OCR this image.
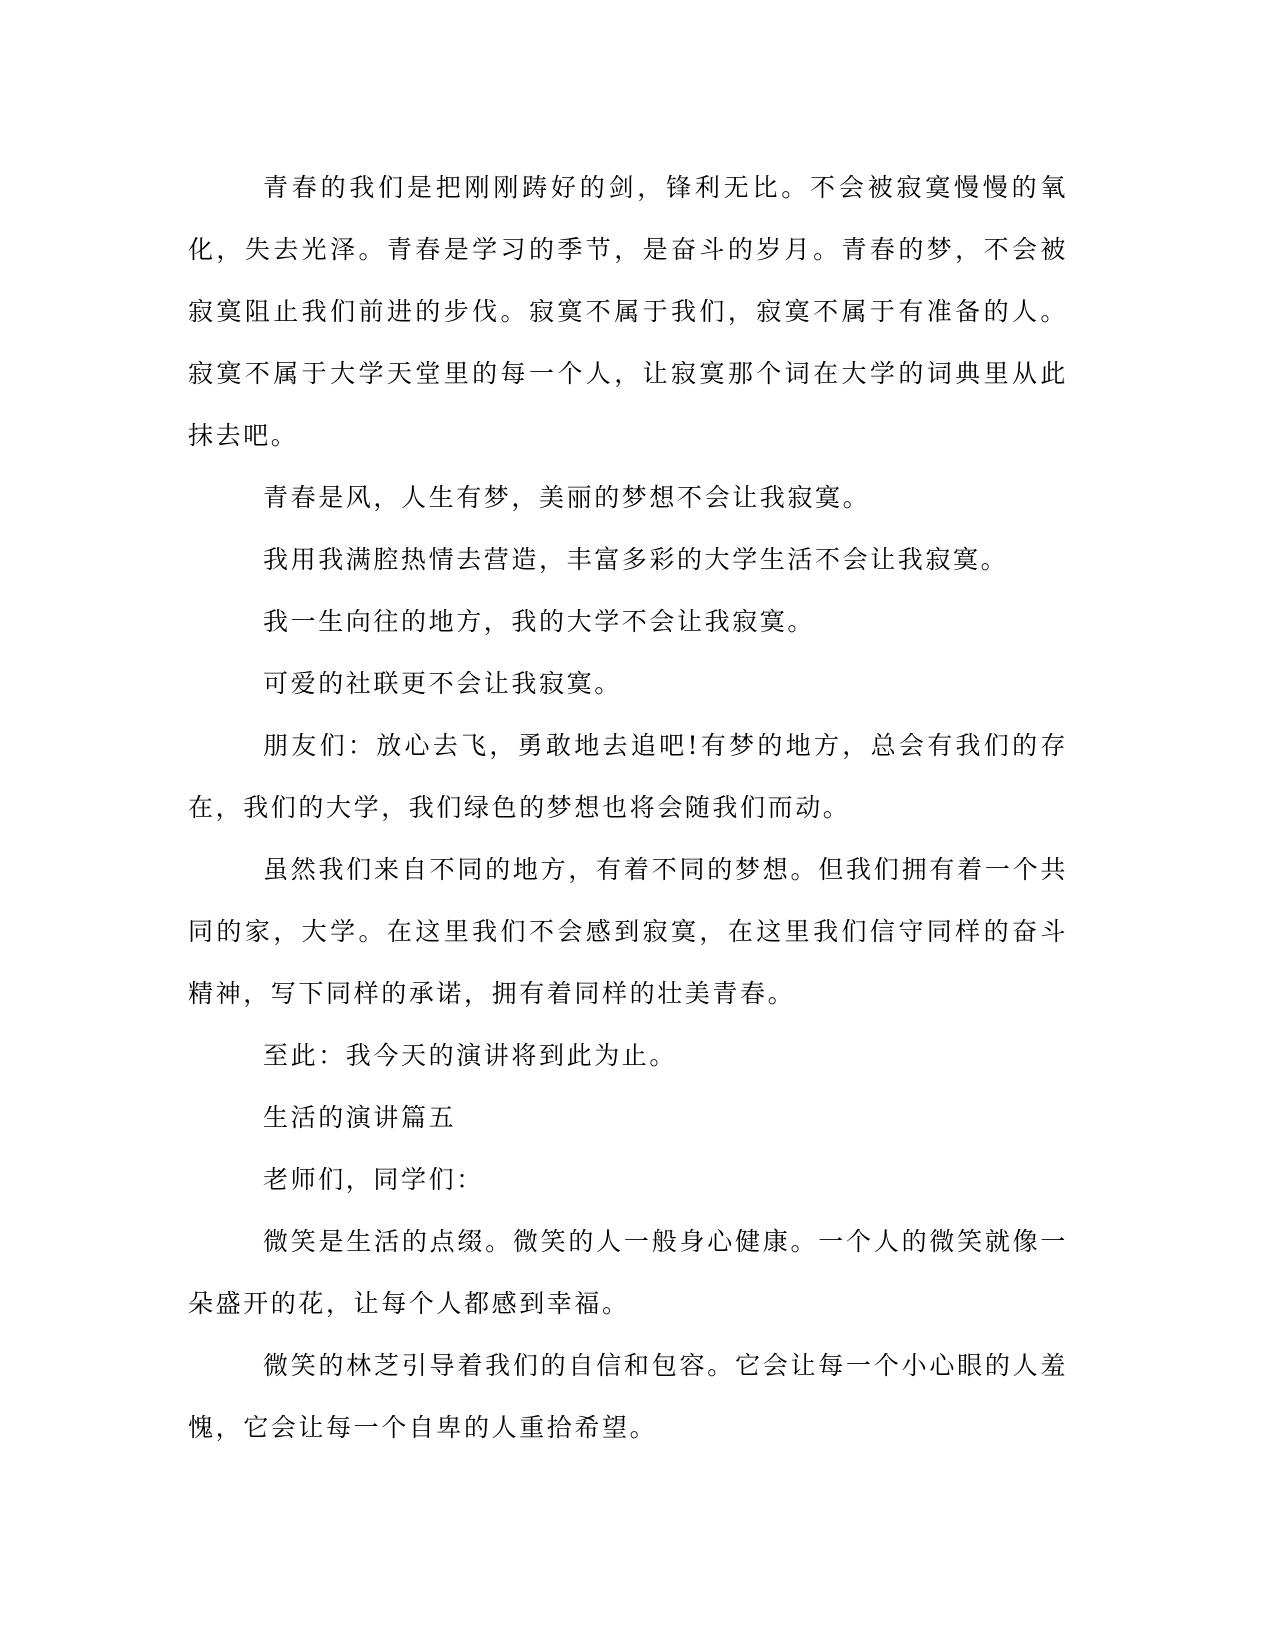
青春的我们是把刚刚踌好的剑，锋利无比。不会被寂寞慢慢的氧化，失去光泽。青春是学习的季节，是奋斗的岁月。青春的梦，不会被寂寞阻止我们前进的步伐。寂寞不属于我们，寂寞不属于有准备的人。寂寞不属于大学天堂里的每一个人，让寂寞那个词在大学的词典里从此抹去吧。

青春是风，人生有梦，美丽的梦想不会让我寂寞。

我用我满腔热情去营造，丰富多彩的大学生活不会让我寂寞。

我一生向往的地方，我的大学不会让我寂寞。

可爱的社联更不会让我寂寞。

朋友们：放心去飞，勇敢地去追吧!有梦的地方，总会有我们的存在，我们的大学，我们绿色的梦想也将会随我们而动。

虽然我们来自不同的地方，有着不同的梦想。但我们拥有着一个共同的家，大学。在这里我们不会感到寂寞，在这里我们信守同样的奋斗精神，写下同样的承诺，拥有着同样的壮美青春。

至此：我今天的演讲将到此为止。

生活的演讲篇五

老师们，同学们：

微笑是生活的点缀。微笑的人一般身心健康。一个人的微笑就像一朵盛开的花，让每个人都感到幸福。

微笑的林芝引导着我们的自信和包容。它会让每一个小心眼的人羞愧，它会让每一个自卑的人重拾希望。
